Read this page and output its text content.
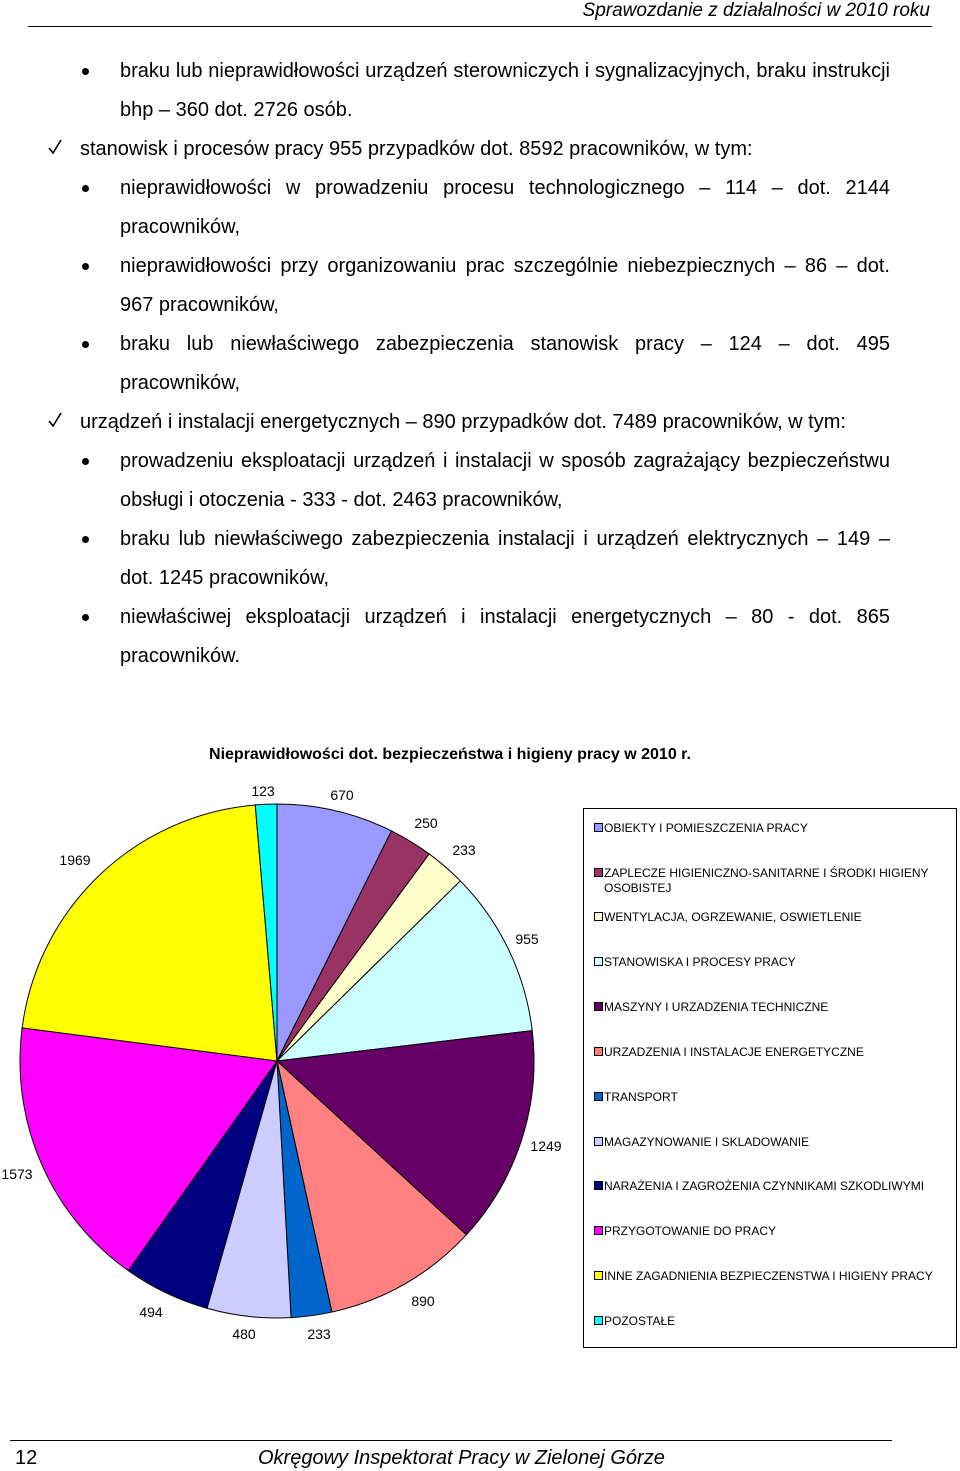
Sprawozdanie z działalności w 2010 roku
braku lub nieprawidłowości urządzeń sterowniczych i sygnalizacyjnych, braku instrukcji bhp – 360 dot. 2726 osób.
stanowisk i procesów pracy 955 przypadków dot. 8592 pracowników, w tym:
nieprawidłowości w prowadzeniu procesu technologicznego – 114 – dot. 2144 pracowników,
nieprawidłowości przy organizowaniu prac szczególnie niebezpiecznych – 86 – dot. 967 pracowników,
braku lub niewłaściwego zabezpieczenia stanowisk pracy – 124 – dot. 495 pracowników,
urządzeń i instalacji energetycznych – 890 przypadków dot. 7489 pracowników, w tym:
prowadzeniu eksploatacji urządzeń i instalacji w sposób zagrażający bezpieczeństwu obsługi i otoczenia - 333 - dot. 2463 pracowników,
braku lub niewłaściwego zabezpieczenia instalacji i urządzeń elektrycznych – 149 – dot. 1245 pracowników,
niewłaściwej eksploatacji urządzeń i instalacji energetycznych – 80 - dot. 865 pracowników.
Nieprawidłowości dot. bezpieczeństwa i higieny pracy w 2010 r.
670
250
233
955
1249
890
233
480
494
1573
1969
123
OBIEKTY I POMIESZCZENIA PRACY
ZAPLECZE HIGIENICZNO-SANITARNE I ŚRODKI HIGIENY OSOBISTEJ
WENTYLACJA, OGRZEWANIE, OSWIETLENIE
STANOWISKA I PROCESY PRACY
MASZYNY I URZADZENIA TECHNICZNE
URZADZENIA I INSTALACJE ENERGETYCZNE
TRANSPORT
MAGAZYNOWANIE I SKLADOWANIE
NARAŻENIA I ZAGROŻENIA CZYNNIKAMI SZKODLIWYMI
PRZYGOTOWANIE DO PRACY
INNE ZAGADNIENIA BEZPIECZENSTWA I HIGIENY PRACY
POZOSTAŁE
12	Okręgowy Inspektorat Pracy w Zielonej Górze
